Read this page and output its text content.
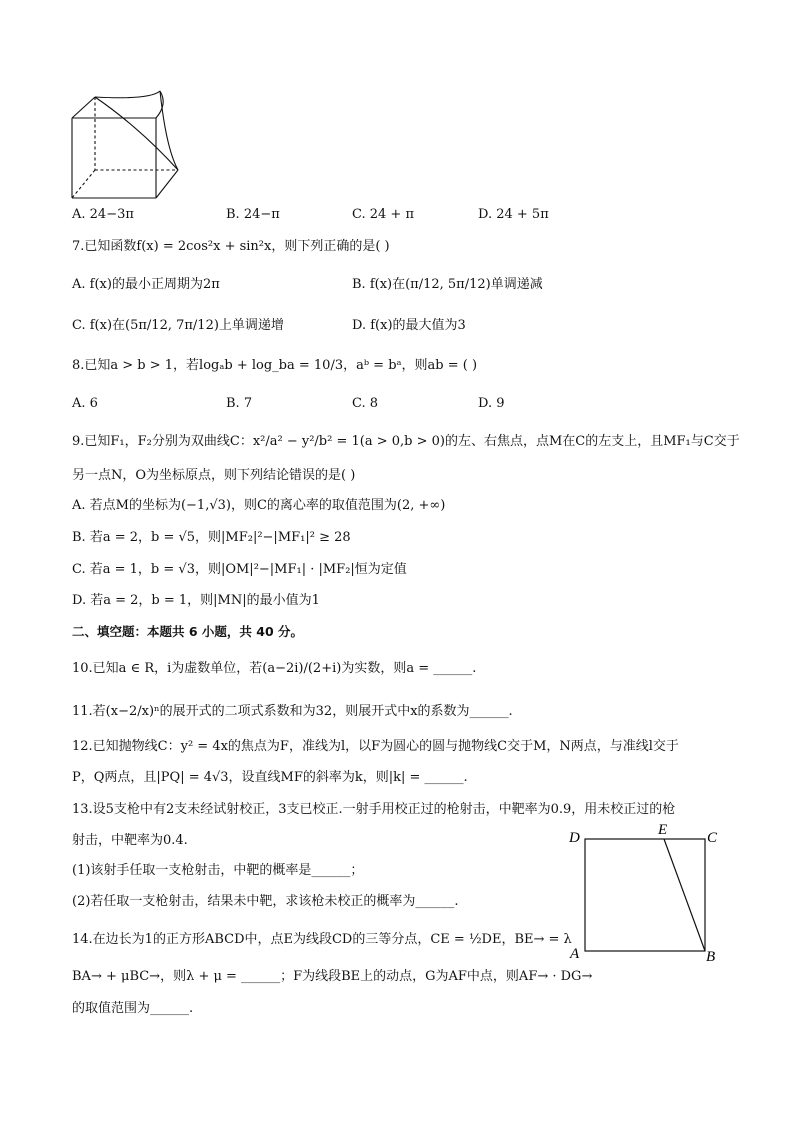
A. 24−3π	B. 24−π	C. 24 + π	D. 24 + 5π
7.已知函数f(x) = 2cos²x + sin²x，则下列正确的是( )
A. f(x)的最小正周期为2π	B. f(x)在(π/12, 5π/12)单调递减
C. f(x)在(5π/12, 7π/12)上单调递增	D. f(x)的最大值为3
8.已知a > b > 1，若logₐb + log_ba = 10/3，aᵇ = bᵃ，则ab = ( )
A. 6	B. 7	C. 8	D. 9
9.已知F₁，F₂分别为双曲线C：x²/a² − y²/b² = 1(a > 0,b > 0)的左、右焦点，点M在C的左支上，且MF₁与C交于
另一点N，O为坐标原点，则下列结论错误的是( )
A. 若点M的坐标为(−1,√3)，则C的离心率的取值范围为(2, +∞)
B. 若a = 2，b = √5，则|MF₂|²−|MF₁|² ≥ 28
C. 若a = 1，b = √3，则|OM|²−|MF₁| · |MF₂|恒为定值
D. 若a = 2，b = 1，则|MN|的最小值为1
二、填空题：本题共 6 小题，共 40 分。
10.已知a ∈ R，i为虚数单位，若(a−2i)/(2+i)为实数，则a = ______.
11.若(x−2/x)ⁿ的展开式的二项式系数和为32，则展开式中x的系数为______.
12.已知抛物线C：y² = 4x的焦点为F，准线为l，以F为圆心的圆与抛物线C交于M，N两点，与准线l交于
P，Q两点，且|PQ| = 4√3，设直线MF的斜率为k，则|k| = ______.
13.设5支枪中有2支未经试射校正，3支已校正.一射手用校正过的枪射击，中靶率为0.9，用未校正过的枪
射击，中靶率为0.4.
(1)该射手任取一支枪射击，中靶的概率是______；
(2)若任取一支枪射击，结果未中靶，求该枪未校正的概率为______.
D	E	C
A	B
14.在边长为1的正方形ABCD中，点E为线段CD的三等分点，CE = ½DE，BE→ = λ
BA→ + μBC→，则λ + μ = ______；F为线段BE上的动点，G为AF中点，则AF→ · DG→
的取值范围为______.
